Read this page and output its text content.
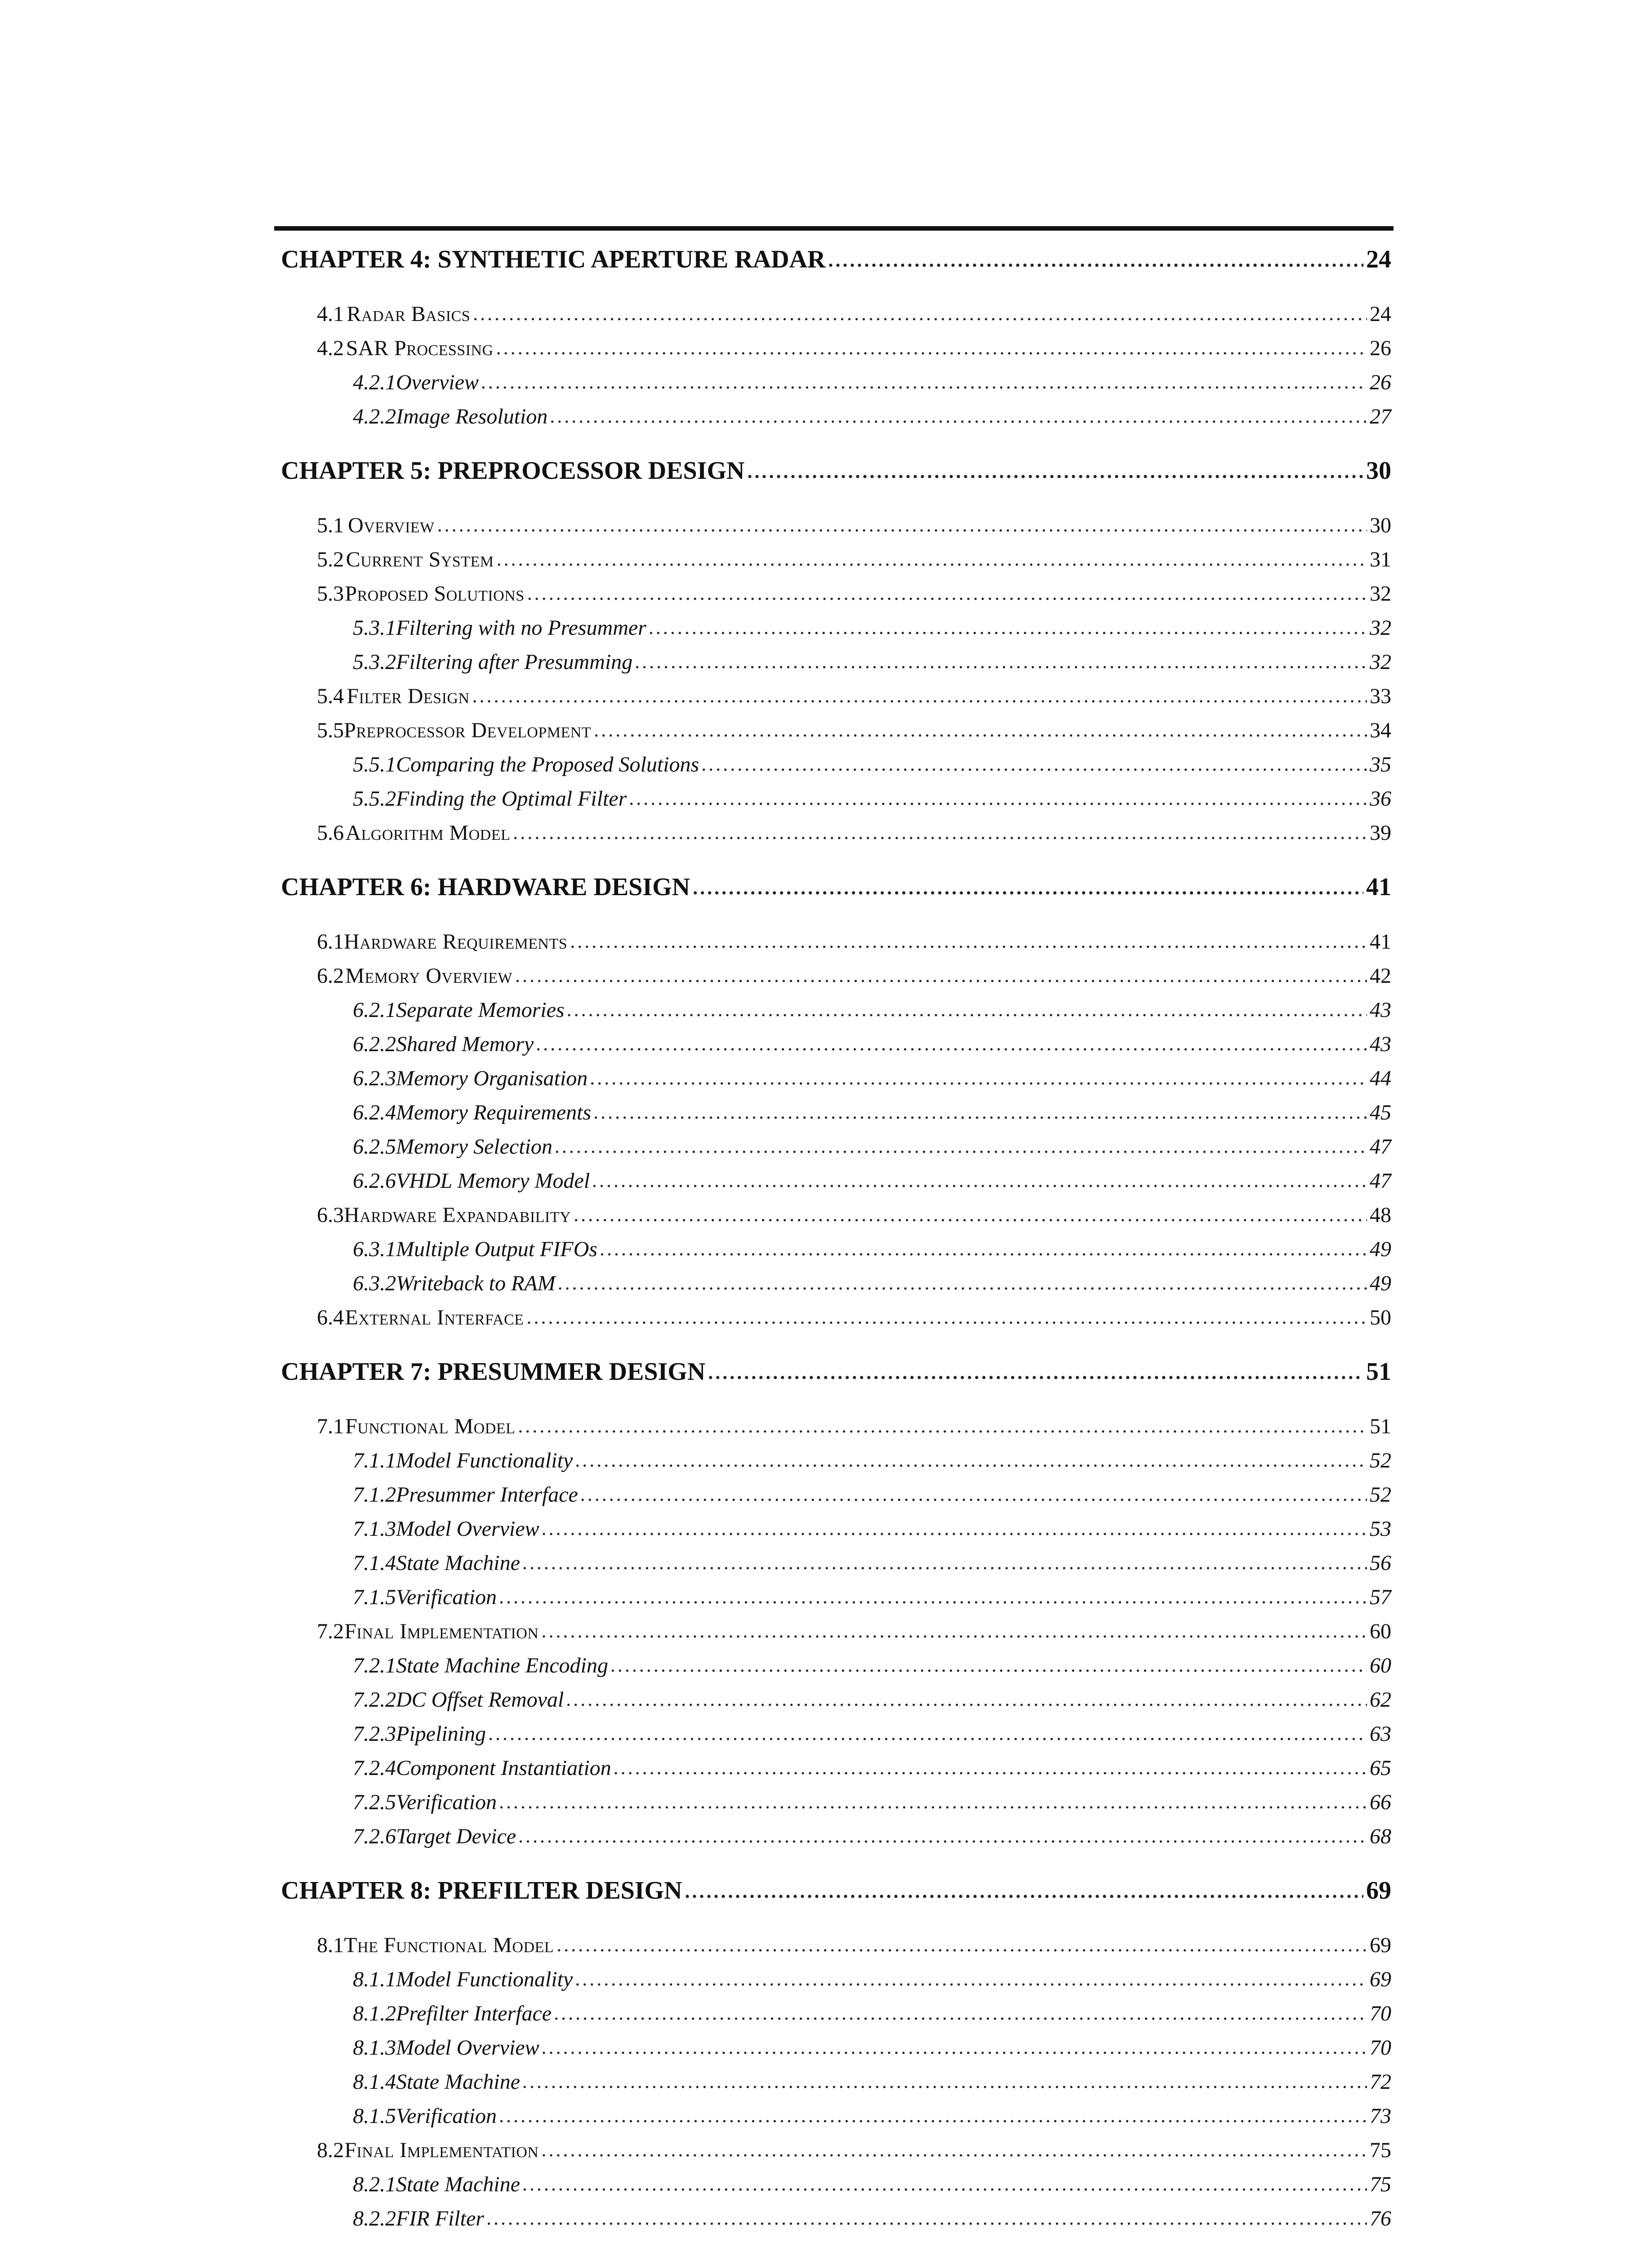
CHAPTER 4: SYNTHETIC APERTURE RADAR .....	24
4.1 Radar Basics .....	24
4.2 SAR Processing .....	26
4.2.1 Overview .....	26
4.2.2 Image Resolution .....	27
CHAPTER 5: PREPROCESSOR DESIGN .....	30
5.1 Overview .....	30
5.2 Current System .....	31
5.3 Proposed Solutions .....	32
5.3.1 Filtering with no Presummer .....	32
5.3.2 Filtering after Presumming .....	32
5.4 Filter Design .....	33
5.5 Preprocessor Development .....	34
5.5.1 Comparing the Proposed Solutions .....	35
5.5.2 Finding the Optimal Filter .....	36
5.6 Algorithm Model .....	39
CHAPTER 6: HARDWARE DESIGN .....	41
6.1 Hardware Requirements .....	41
6.2 Memory Overview .....	42
6.2.1 Separate Memories .....	43
6.2.2 Shared Memory .....	43
6.2.3 Memory Organisation .....	44
6.2.4 Memory Requirements .....	45
6.2.5 Memory Selection .....	47
6.2.6 VHDL Memory Model .....	47
6.3 Hardware Expandability .....	48
6.3.1 Multiple Output FIFOs .....	49
6.3.2 Writeback to RAM .....	49
6.4 External Interface .....	50
CHAPTER 7: PRESUMMER DESIGN .....	51
7.1 Functional Model .....	51
7.1.1 Model Functionality .....	52
7.1.2 Presummer Interface .....	52
7.1.3 Model Overview .....	53
7.1.4 State Machine .....	56
7.1.5 Verification .....	57
7.2 Final Implementation .....	60
7.2.1 State Machine Encoding .....	60
7.2.2 DC Offset Removal .....	62
7.2.3 Pipelining .....	63
7.2.4 Component Instantiation .....	65
7.2.5 Verification .....	66
7.2.6 Target Device .....	68
CHAPTER 8: PREFILTER DESIGN .....	69
8.1 The Functional Model .....	69
8.1.1 Model Functionality .....	69
8.1.2 Prefilter Interface .....	70
8.1.3 Model Overview .....	70
8.1.4 State Machine .....	72
8.1.5 Verification .....	73
8.2 Final Implementation .....	75
8.2.1 State Machine .....	75
8.2.2 FIR Filter .....	76
